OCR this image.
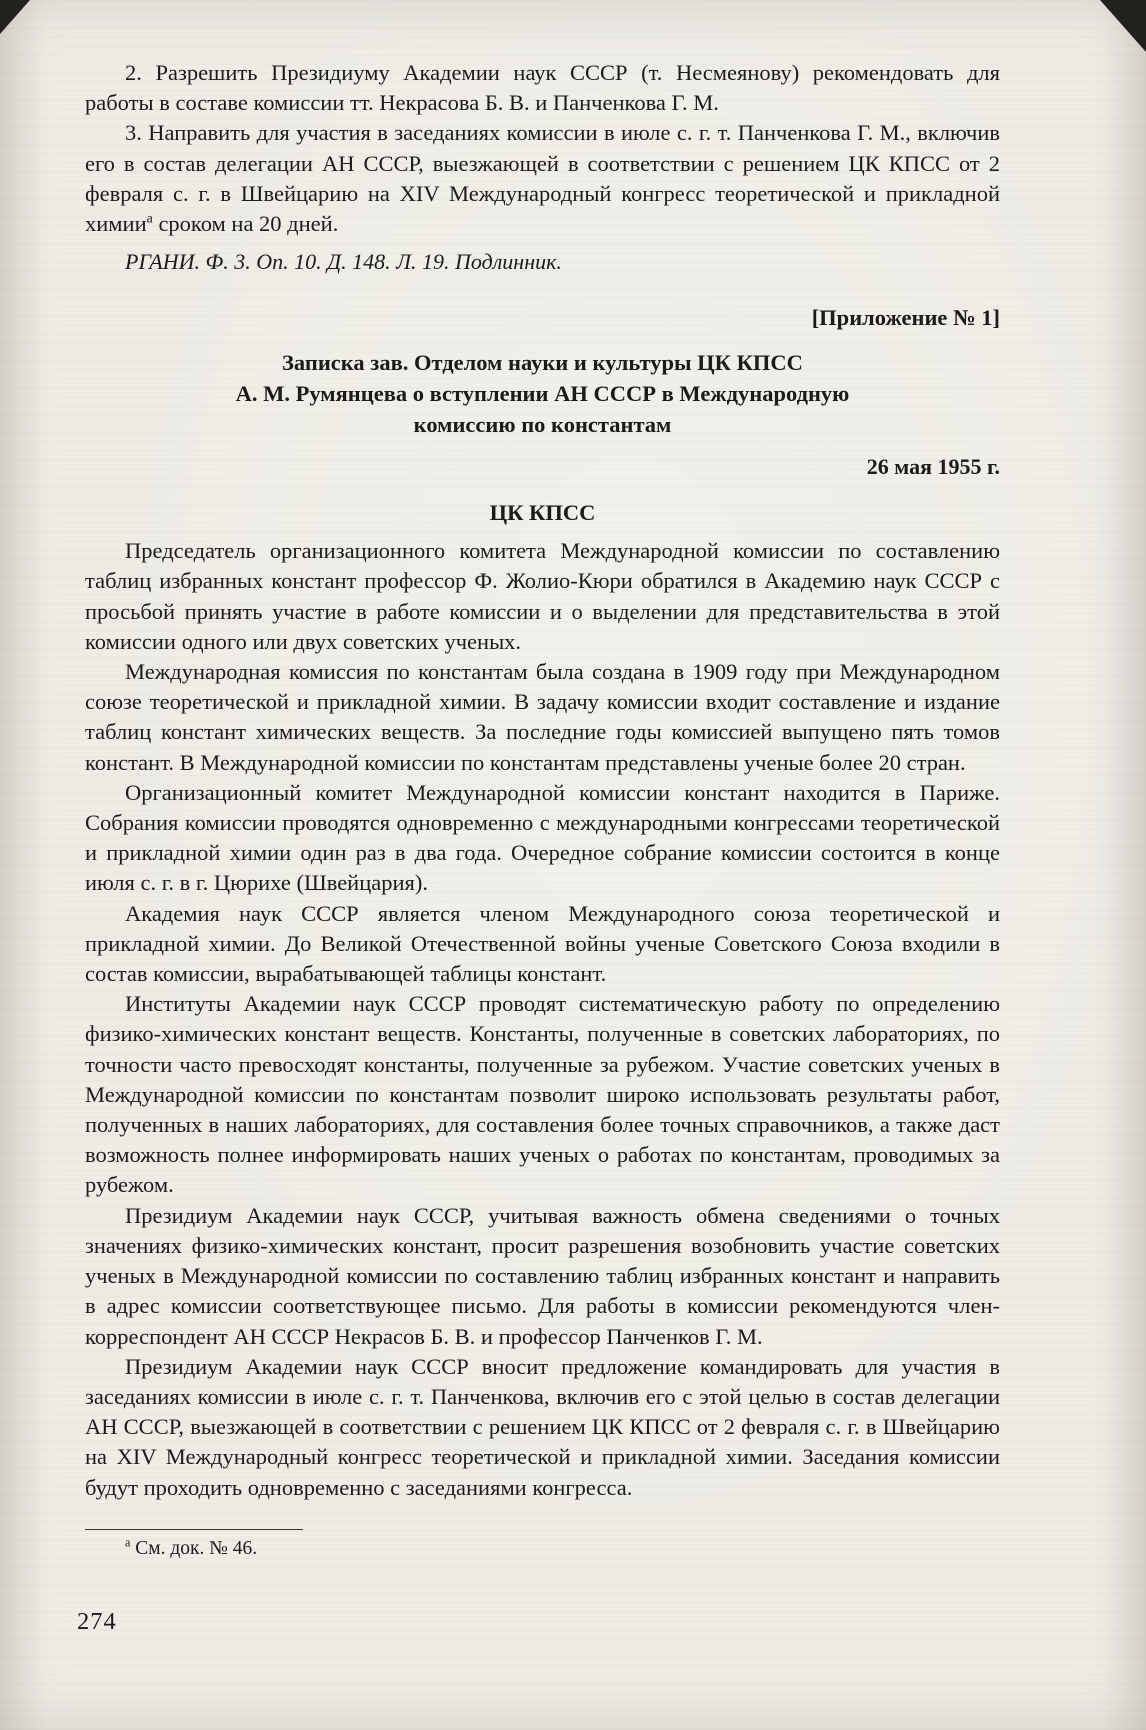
2. Разрешить Президиуму Академии наук СССР (т. Несмеянову) рекомендовать для работы в составе комиссии тт. Некрасова Б. В. и Панченкова Г. М.

3. Направить для участия в заседаниях комиссии в июле с. г. т. Панченкова Г. М., включив его в состав делегации АН СССР, выезжающей в соответствии с решением ЦК КПСС от 2 февраля с. г. в Швейцарию на XIV Международный конгресс теоретической и прикладной химии$^а$ сроком на 20 дней.

РГАНИ. Ф. 3. Оп. 10. Д. 148. Л. 19. Подлинник.

[Приложение № 1]

Записка зав. Отделом науки и культуры ЦК КПСС
А. М. Румянцева о вступлении АН СССР в Международную
комиссию по константам

26 мая 1955 г.

ЦК КПСС

Председатель организационного комитета Международной комиссии по составлению таблиц избранных констант профессор Ф. Жолио-Кюри обратился в Академию наук СССР с просьбой принять участие в работе комиссии и о выделении для представительства в этой комиссии одного или двух советских ученых.

Международная комиссия по константам была создана в 1909 году при Международном союзе теоретической и прикладной химии. В задачу комиссии входит составление и издание таблиц констант химических веществ. За последние годы комиссией выпущено пять томов констант. В Международной комиссии по константам представлены ученые более 20 стран.

Организационный комитет Международной комиссии констант находится в Париже. Собрания комиссии проводятся одновременно с международными конгрессами теоретической и прикладной химии один раз в два года. Очередное собрание комиссии состоится в конце июля с. г. в г. Цюрихе (Швейцария).

Академия наук СССР является членом Международного союза теоретической и прикладной химии. До Великой Отечественной войны ученые Советского Союза входили в состав комиссии, вырабатывающей таблицы констант.

Институты Академии наук СССР проводят систематическую работу по определению физико-химических констант веществ. Константы, полученные в советских лабораториях, по точности часто превосходят константы, полученные за рубежом. Участие советских ученых в Международной комиссии по константам позволит широко использовать результаты работ, полученных в наших лабораториях, для составления более точных справочников, а также даст возможность полнее информировать наших ученых о работах по константам, проводимых за рубежом.

Президиум Академии наук СССР, учитывая важность обмена сведениями о точных значениях физико-химических констант, просит разрешения возобновить участие советских ученых в Международной комиссии по составлению таблиц избранных констант и направить в адрес комиссии соответствующее письмо. Для работы в комиссии рекомендуются член-корреспондент АН СССР Некрасов Б. В. и профессор Панченков Г. М.

Президиум Академии наук СССР вносит предложение командировать для участия в заседаниях комиссии в июле с. г. т. Панченкова, включив его с этой целью в состав делегации АН СССР, выезжающей в соответствии с решением ЦК КПСС от 2 февраля с. г. в Швейцарию на XIV Международный конгресс теоретической и прикладной химии. Заседания комиссии будут проходить одновременно с заседаниями конгресса.

$^а$ См. док. № 46.

274
